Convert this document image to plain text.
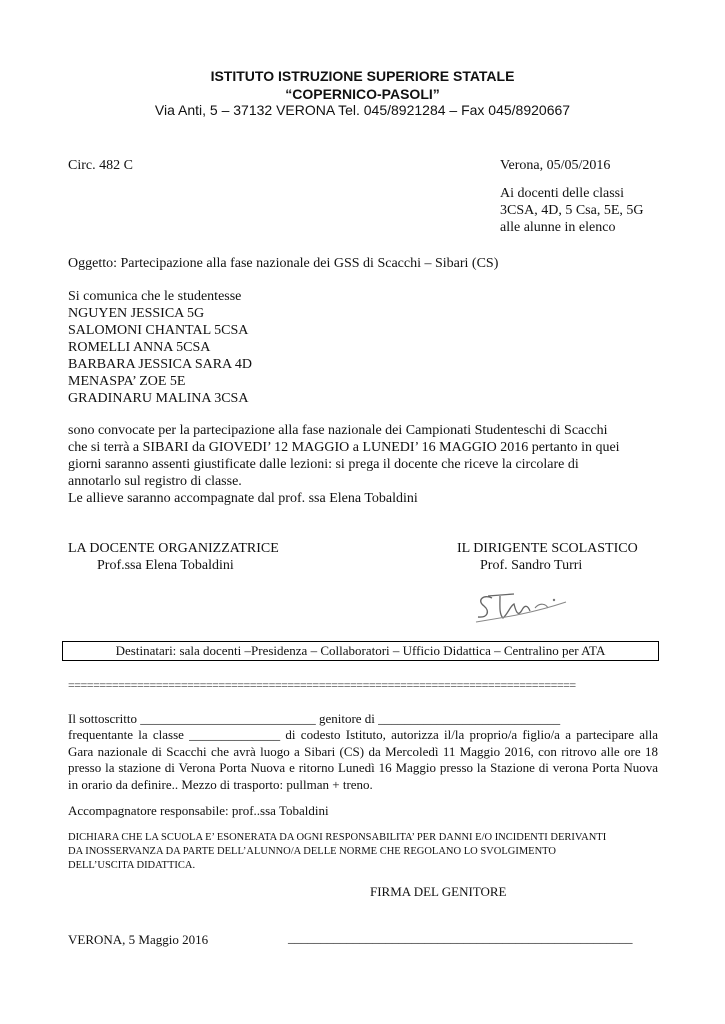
ISTITUTO ISTRUZIONE SUPERIORE STATALE
“COPERNICO-PASOLI”
Via Anti, 5 – 37132 VERONA Tel. 045/8921284 – Fax 045/8920667
Circ. 482 C	Verona, 05/05/2016
Ai docenti delle classi
3CSA, 4D, 5 Csa, 5E, 5G
alle alunne in elenco
Oggetto: Partecipazione alla fase nazionale dei GSS di Scacchi – Sibari (CS)
Si comunica che le studentesse
NGUYEN JESSICA 5G
SALOMONI CHANTAL 5CSA
ROMELLI ANNA 5CSA
BARBARA JESSICA SARA 4D
MENASPA’ ZOE 5E
GRADINARU MALINA 3CSA
sono convocate per la partecipazione alla fase nazionale dei Campionati Studenteschi di Scacchi
che si terrà a SIBARI da GIOVEDI’ 12 MAGGIO a LUNEDI’ 16 MAGGIO 2016 pertanto in quei
giorni saranno assenti giustificate dalle lezioni: si prega il docente che riceve la circolare di
annotarlo sul registro di classe.
Le allieve saranno accompagnate dal prof. ssa Elena Tobaldini
LA DOCENTE ORGANIZZATRICE
Prof.ssa Elena Tobaldini
IL DIRIGENTE SCOLASTICO
Prof. Sandro Turri
Destinatari: sala docenti –Presidenza – Collaboratori – Ufficio Didattica – Centralino per ATA
=================================================================================
Il sottoscritto ___________________________ genitore di ____________________________
frequentante la classe ______________ di codesto Istituto, autorizza il/la proprio/a figlio/a a partecipare alla Gara nazionale di Scacchi che avrà luogo a Sibari (CS) da Mercoledì 11 Maggio 2016, con ritrovo alle ore 18 presso la stazione di Verona Porta Nuova e ritorno Lunedì 16 Maggio presso la Stazione di verona Porta Nuova in orario da definire.. Mezzo di trasporto: pullman + treno.
Accompagnatore responsabile: prof..ssa Tobaldini
DICHIARA CHE LA SCUOLA E’ ESONERATA DA OGNI RESPONSABILITA’ PER DANNI E/O INCIDENTI DERIVANTI
DA INOSSERVANZA DA PARTE DELL’ALUNNO/A DELLE NORME CHE REGOLANO LO SVOLGIMENTO
DELL’USCITA DIDATTICA.
FIRMA DEL GENITORE
VERONA, 5 Maggio 2016	_____________________________________________________
